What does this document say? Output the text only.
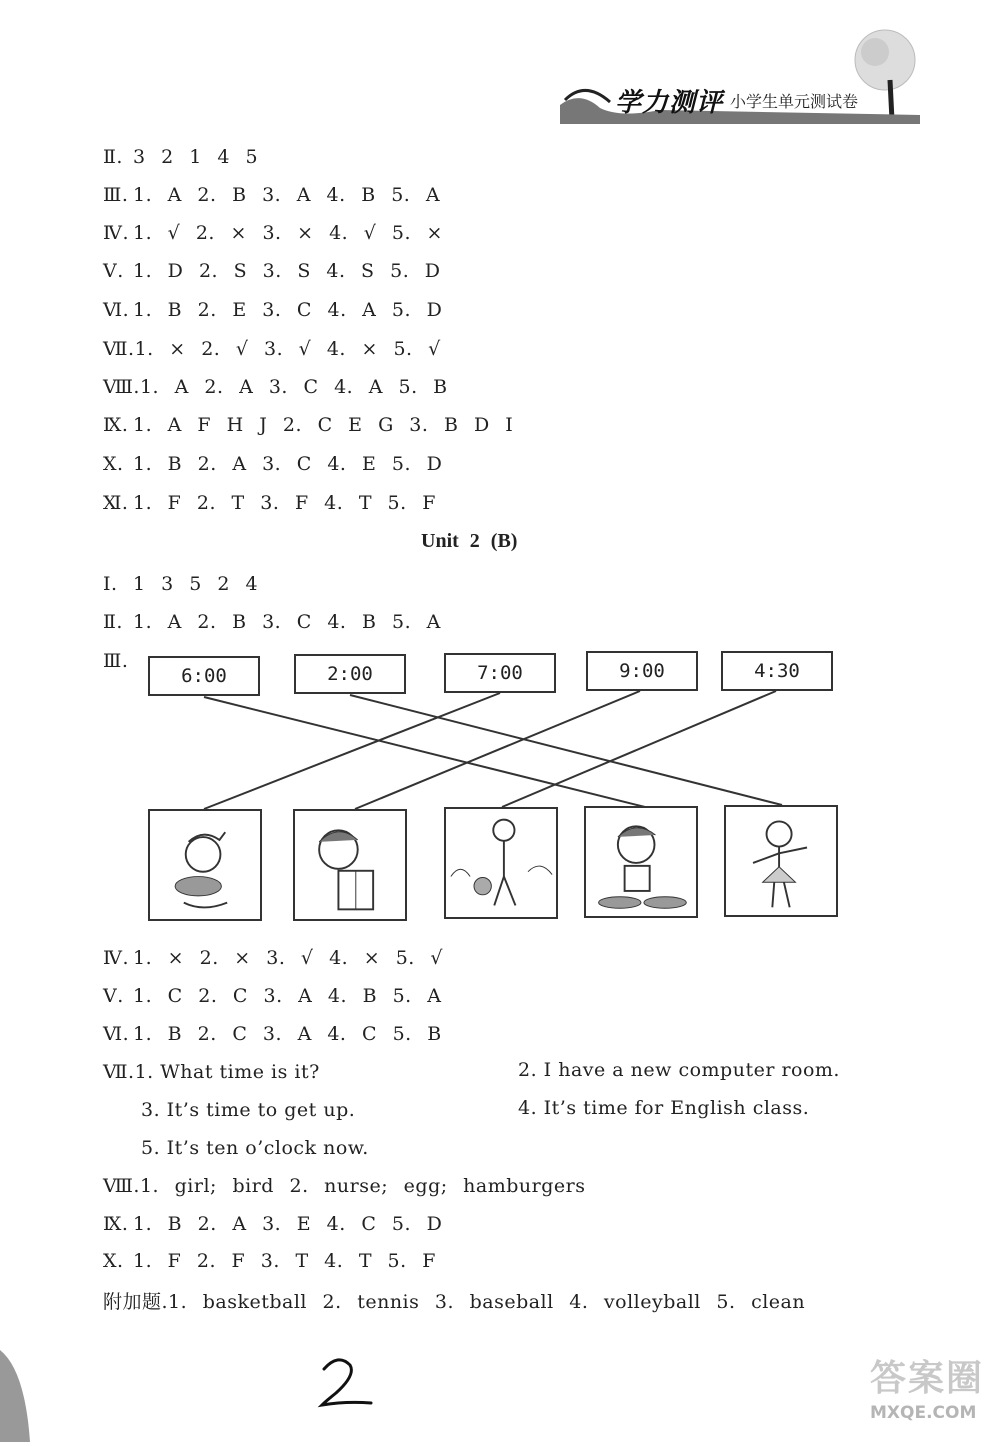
学力测评 小学生单元测试卷
Ⅱ. 3 2 1 4 5
Ⅲ. 1. A 2. B 3. A 4. B 5. A
Ⅳ. 1. √ 2. × 3. × 4. √ 5. ×
Ⅴ. 1. D 2. S 3. S 4. S 5. D
Ⅵ. 1. B 2. E 3. C 4. A 5. D
Ⅶ.1. × 2. √ 3. √ 4. × 5. √
Ⅷ.1. A 2. A 3. C 4. A 5. B
Ⅸ. 1. A F H J 2. C E G 3. B D I
Ⅹ. 1. B 2. A 3. C 4. E 5. D
Ⅺ. 1. F 2. T 3. F 4. T 5. F
Unit 2 (B)
Ⅰ. 1 3 5 2 4
Ⅱ. 1. A 2. B 3. C 4. B 5. A
Ⅲ.
6:00	2:00	7:00	9:00	4:30
Ⅳ. 1. × 2. × 3. √ 4. × 5. √
Ⅴ. 1. C 2. C 3. A 4. B 5. A
Ⅵ. 1. B 2. C 3. A 4. C 5. B
Ⅶ.1. What time is it?	2. I have a new computer room.
3. It’s time to get up.	4. It’s time for English class.
5. It’s ten o’clock now.
Ⅷ.1. girl; bird 2. nurse; egg; hamburgers
Ⅸ. 1. B 2. A 3. E 4. C 5. D
Ⅹ. 1. F 2. F 3. T 4. T 5. F
附加题.1. basketball 2. tennis 3. baseball 4. volleyball 5. clean
答案圈
MXQE.COM
